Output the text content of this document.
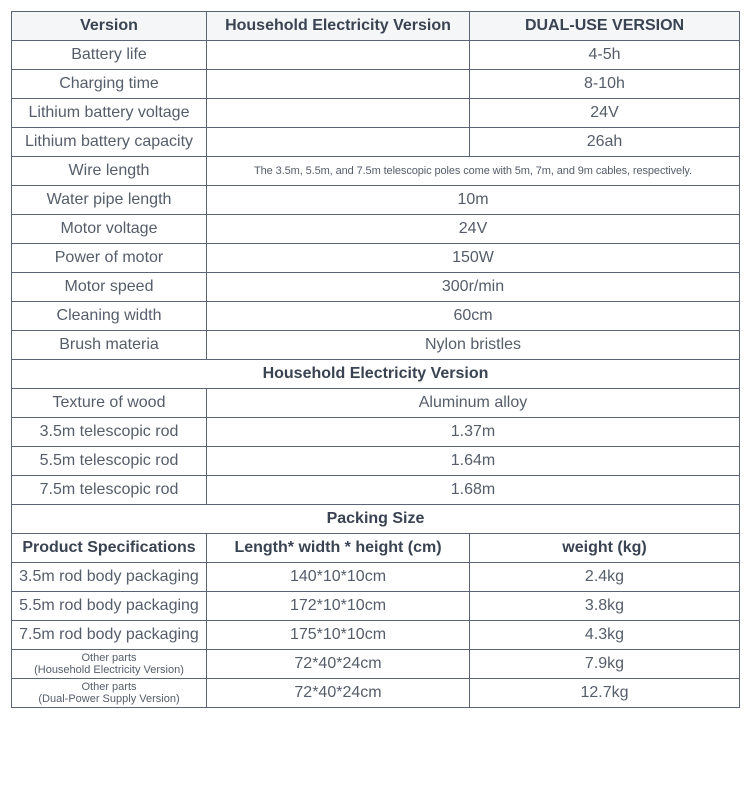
Version	Household Electricity Version	DUAL-USE VERSION
Battery life		4-5h
Charging time		8-10h
Lithium battery voltage		24V
Lithium battery capacity		26ah
Wire length	The 3.5m, 5.5m, and 7.5m telescopic poles come with 5m, 7m, and 9m cables, respectively.	
Water pipe length	10m	
Motor voltage	24V	
Power of motor	150W	
Motor speed	300r/min	
Cleaning width	60cm	
Brush materia	Nylon bristles	
Household Electricity Version		
Texture of wood	Aluminum alloy	
3.5m telescopic rod	1.37m	
5.5m telescopic rod	1.64m	
7.5m telescopic rod	1.68m	
Packing Size		
Product Specifications	Length* width * height (cm)	weight (kg)
3.5m rod body packaging	140*10*10cm	2.4kg
5.5m rod body packaging	172*10*10cm	3.8kg
7.5m rod body packaging	175*10*10cm	4.3kg

Other parts
(Household Electricity Version)	72*40*24cm	7.9kg

Other parts
(Dual-Power Supply Version)	72*40*24cm	12.7kg
